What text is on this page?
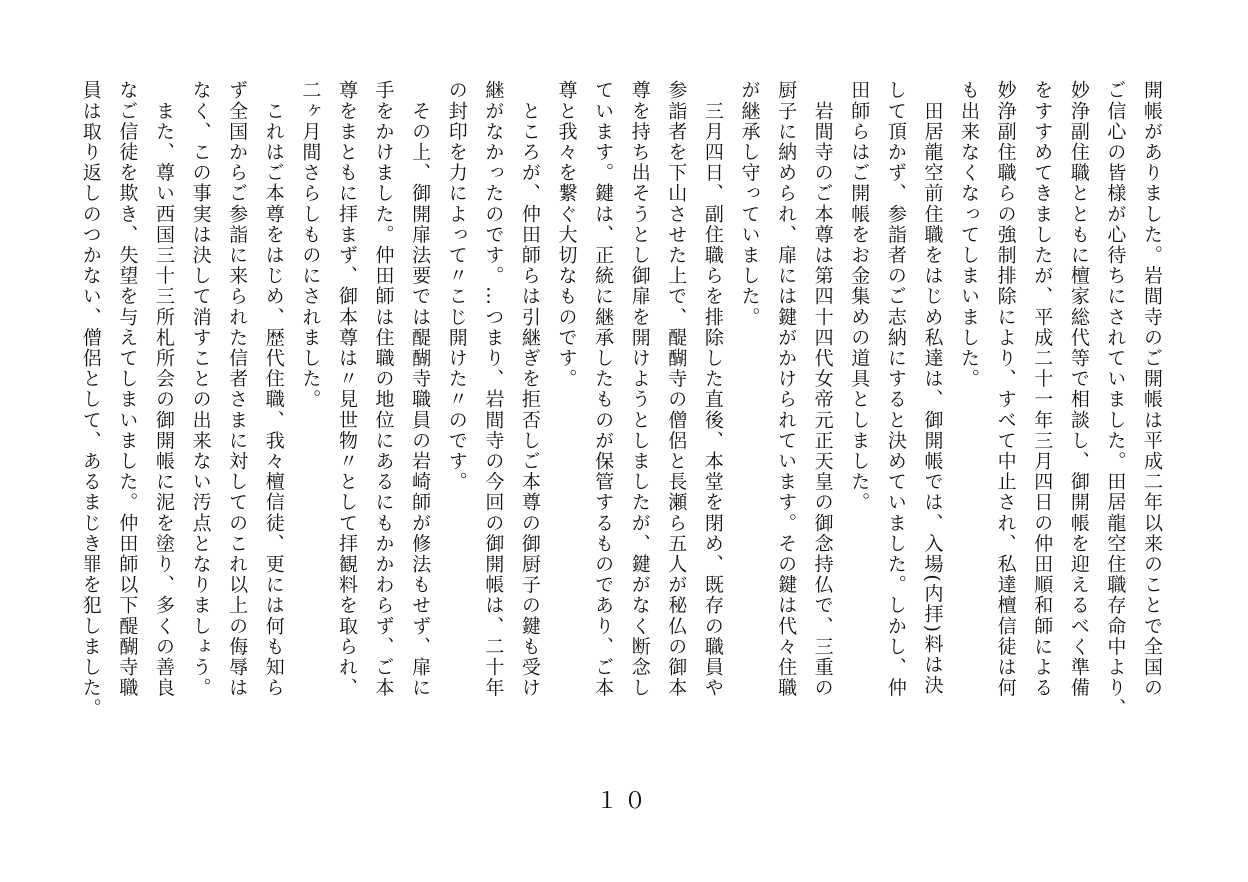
開帳がありました。岩間寺のご開帳は平成二年以来のことで全国の
ご信心の皆様が心待ちにされていました。田居龍空住職存命中より、
妙浄副住職とともに檀家総代等で相談し、御開帳を迎えるべく準備
をすすめてきましたが、平成二十一年三月四日の仲田順和師による
妙浄副住職らの強制排除により、すべて中止され、私達檀信徒は何
も出来なくなってしまいました。
　田居龍空前住職をはじめ私達は、御開帳では、入場(内拝)料は決
して頂かず、参詣者のご志納にすると決めていました。しかし、仲
田師らはご開帳をお金集めの道具としました。
　岩間寺のご本尊は第四十四代女帝元正天皇の御念持仏で、三重の
厨子に納められ、扉には鍵がかけられています。その鍵は代々住職
が継承し守っていました。
　三月四日、副住職らを排除した直後、本堂を閉め、既存の職員や
参詣者を下山させた上で、醍醐寺の僧侶と長瀬ら五人が秘仏の御本
尊を持ち出そうとし御扉を開けようとしましたが、鍵がなく断念し
ています。鍵は、正統に継承したものが保管するものであり、ご本
尊と我々を繋ぐ大切なものです。
　ところが、仲田師らは引継ぎを拒否しご本尊の御厨子の鍵も受け
継がなかったのです。…つまり、岩間寺の今回の御開帳は、二十年
の封印を力によって〃こじ開けた〃のです。
　その上、御開扉法要では醍醐寺職員の岩崎師が修法もせず、扉に
手をかけました。仲田師は住職の地位にあるにもかかわらず、ご本
尊をまともに拝まず、御本尊は〃見世物〃として拝観料を取られ、
二ヶ月間さらしものにされました。
　これはご本尊をはじめ、歴代住職、我々檀信徒、更には何も知ら
ず全国からご参詣に来られた信者さまに対してのこれ以上の侮辱は
なく、この事実は決して消すことの出来ない汚点となりましょう。
　また、尊い西国三十三所札所会の御開帳に泥を塗り、多くの善良
なご信徒を欺き、失望を与えてしまいました。仲田師以下醍醐寺職
員は取り返しのつかない、僧侶として、あるまじき罪を犯しました。
１０
